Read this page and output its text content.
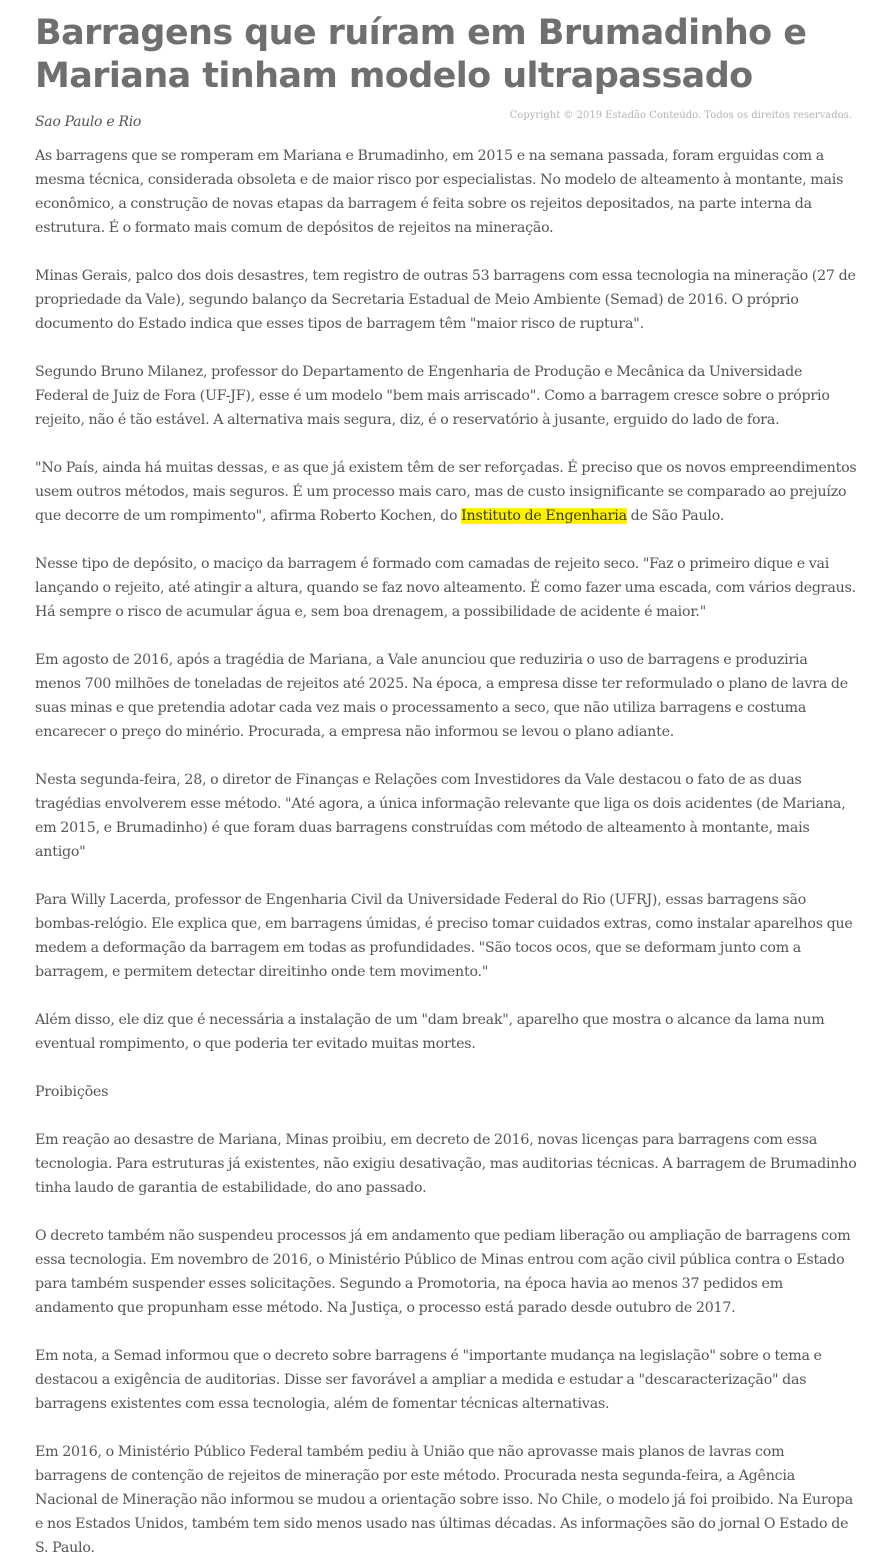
Barragens que ruíram em Brumadinho e Mariana tinham modelo ultrapassado
Sao Paulo e Rio	Copyright © 2019 Estadão Conteúdo. Todos os direitos reservados.

As barragens que se romperam em Mariana e Brumadinho, em 2015 e na semana passada, foram erguidas com a mesma técnica, considerada obsoleta e de maior risco por especialistas. No modelo de alteamento à montante, mais econômico, a construção de novas etapas da barragem é feita sobre os rejeitos depositados, na parte interna da estrutura. É o formato mais comum de depósitos de rejeitos na mineração.

Minas Gerais, palco dos dois desastres, tem registro de outras 53 barragens com essa tecnologia na mineração (27 de propriedade da Vale), segundo balanço da Secretaria Estadual de Meio Ambiente (Semad) de 2016. O próprio documento do Estado indica que esses tipos de barragem têm "maior risco de ruptura".

Segundo Bruno Milanez, professor do Departamento de Engenharia de Produção e Mecânica da Universidade Federal de Juiz de Fora (UF-JF), esse é um modelo "bem mais arriscado". Como a barragem cresce sobre o próprio rejeito, não é tão estável. A alternativa mais segura, diz, é o reservatório à jusante, erguido do lado de fora.

"No País, ainda há muitas dessas, e as que já existem têm de ser reforçadas. É preciso que os novos empreendimentos usem outros métodos, mais seguros. É um processo mais caro, mas de custo insignificante se comparado ao prejuízo que decorre de um rompimento", afirma Roberto Kochen, do Instituto de Engenharia de São Paulo.

Nesse tipo de depósito, o maciço da barragem é formado com camadas de rejeito seco. "Faz o primeiro dique e vai lançando o rejeito, até atingir a altura, quando se faz novo alteamento. É como fazer uma escada, com vários degraus. Há sempre o risco de acumular água e, sem boa drenagem, a possibilidade de acidente é maior."

Em agosto de 2016, após a tragédia de Mariana, a Vale anunciou que reduziria o uso de barragens e produziria menos 700 milhões de toneladas de rejeitos até 2025. Na época, a empresa disse ter reformulado o plano de lavra de suas minas e que pretendia adotar cada vez mais o processamento a seco, que não utiliza barragens e costuma encarecer o preço do minério. Procurada, a empresa não informou se levou o plano adiante.

Nesta segunda-feira, 28, o diretor de Finanças e Relações com Investidores da Vale destacou o fato de as duas tragédias envolverem esse método. "Até agora, a única informação relevante que liga os dois acidentes (de Mariana, em 2015, e Brumadinho) é que foram duas barragens construídas com método de alteamento à montante, mais antigo"

Para Willy Lacerda, professor de Engenharia Civil da Universidade Federal do Rio (UFRJ), essas barragens são bombas-relógio. Ele explica que, em barragens úmidas, é preciso tomar cuidados extras, como instalar aparelhos que medem a deformação da barragem em todas as profundidades. "São tocos ocos, que se deformam junto com a barragem, e permitem detectar direitinho onde tem movimento."

Além disso, ele diz que é necessária a instalação de um "dam break", aparelho que mostra o alcance da lama num eventual rompimento, o que poderia ter evitado muitas mortes.

Proibições

Em reação ao desastre de Mariana, Minas proibiu, em decreto de 2016, novas licenças para barragens com essa tecnologia. Para estruturas já existentes, não exigiu desativação, mas auditorias técnicas. A barragem de Brumadinho tinha laudo de garantia de estabilidade, do ano passado.

O decreto também não suspendeu processos já em andamento que pediam liberação ou ampliação de barragens com essa tecnologia. Em novembro de 2016, o Ministério Público de Minas entrou com ação civil pública contra o Estado para também suspender esses solicitações. Segundo a Promotoria, na época havia ao menos 37 pedidos em andamento que propunham esse método. Na Justiça, o processo está parado desde outubro de 2017.

Em nota, a Semad informou que o decreto sobre barragens é "importante mudança na legislação" sobre o tema e destacou a exigência de auditorias. Disse ser favorável a ampliar a medida e estudar a "descaracterização" das barragens existentes com essa tecnologia, além de fomentar técnicas alternativas.

Em 2016, o Ministério Público Federal também pediu à União que não aprovasse mais planos de lavras com barragens de contenção de rejeitos de mineração por este método. Procurada nesta segunda-feira, a Agência Nacional de Mineração não informou se mudou a orientação sobre isso. No Chile, o modelo já foi proibido. Na Europa e nos Estados Unidos, também tem sido menos usado nas últimas décadas. As informações são do jornal O Estado de S. Paulo.
